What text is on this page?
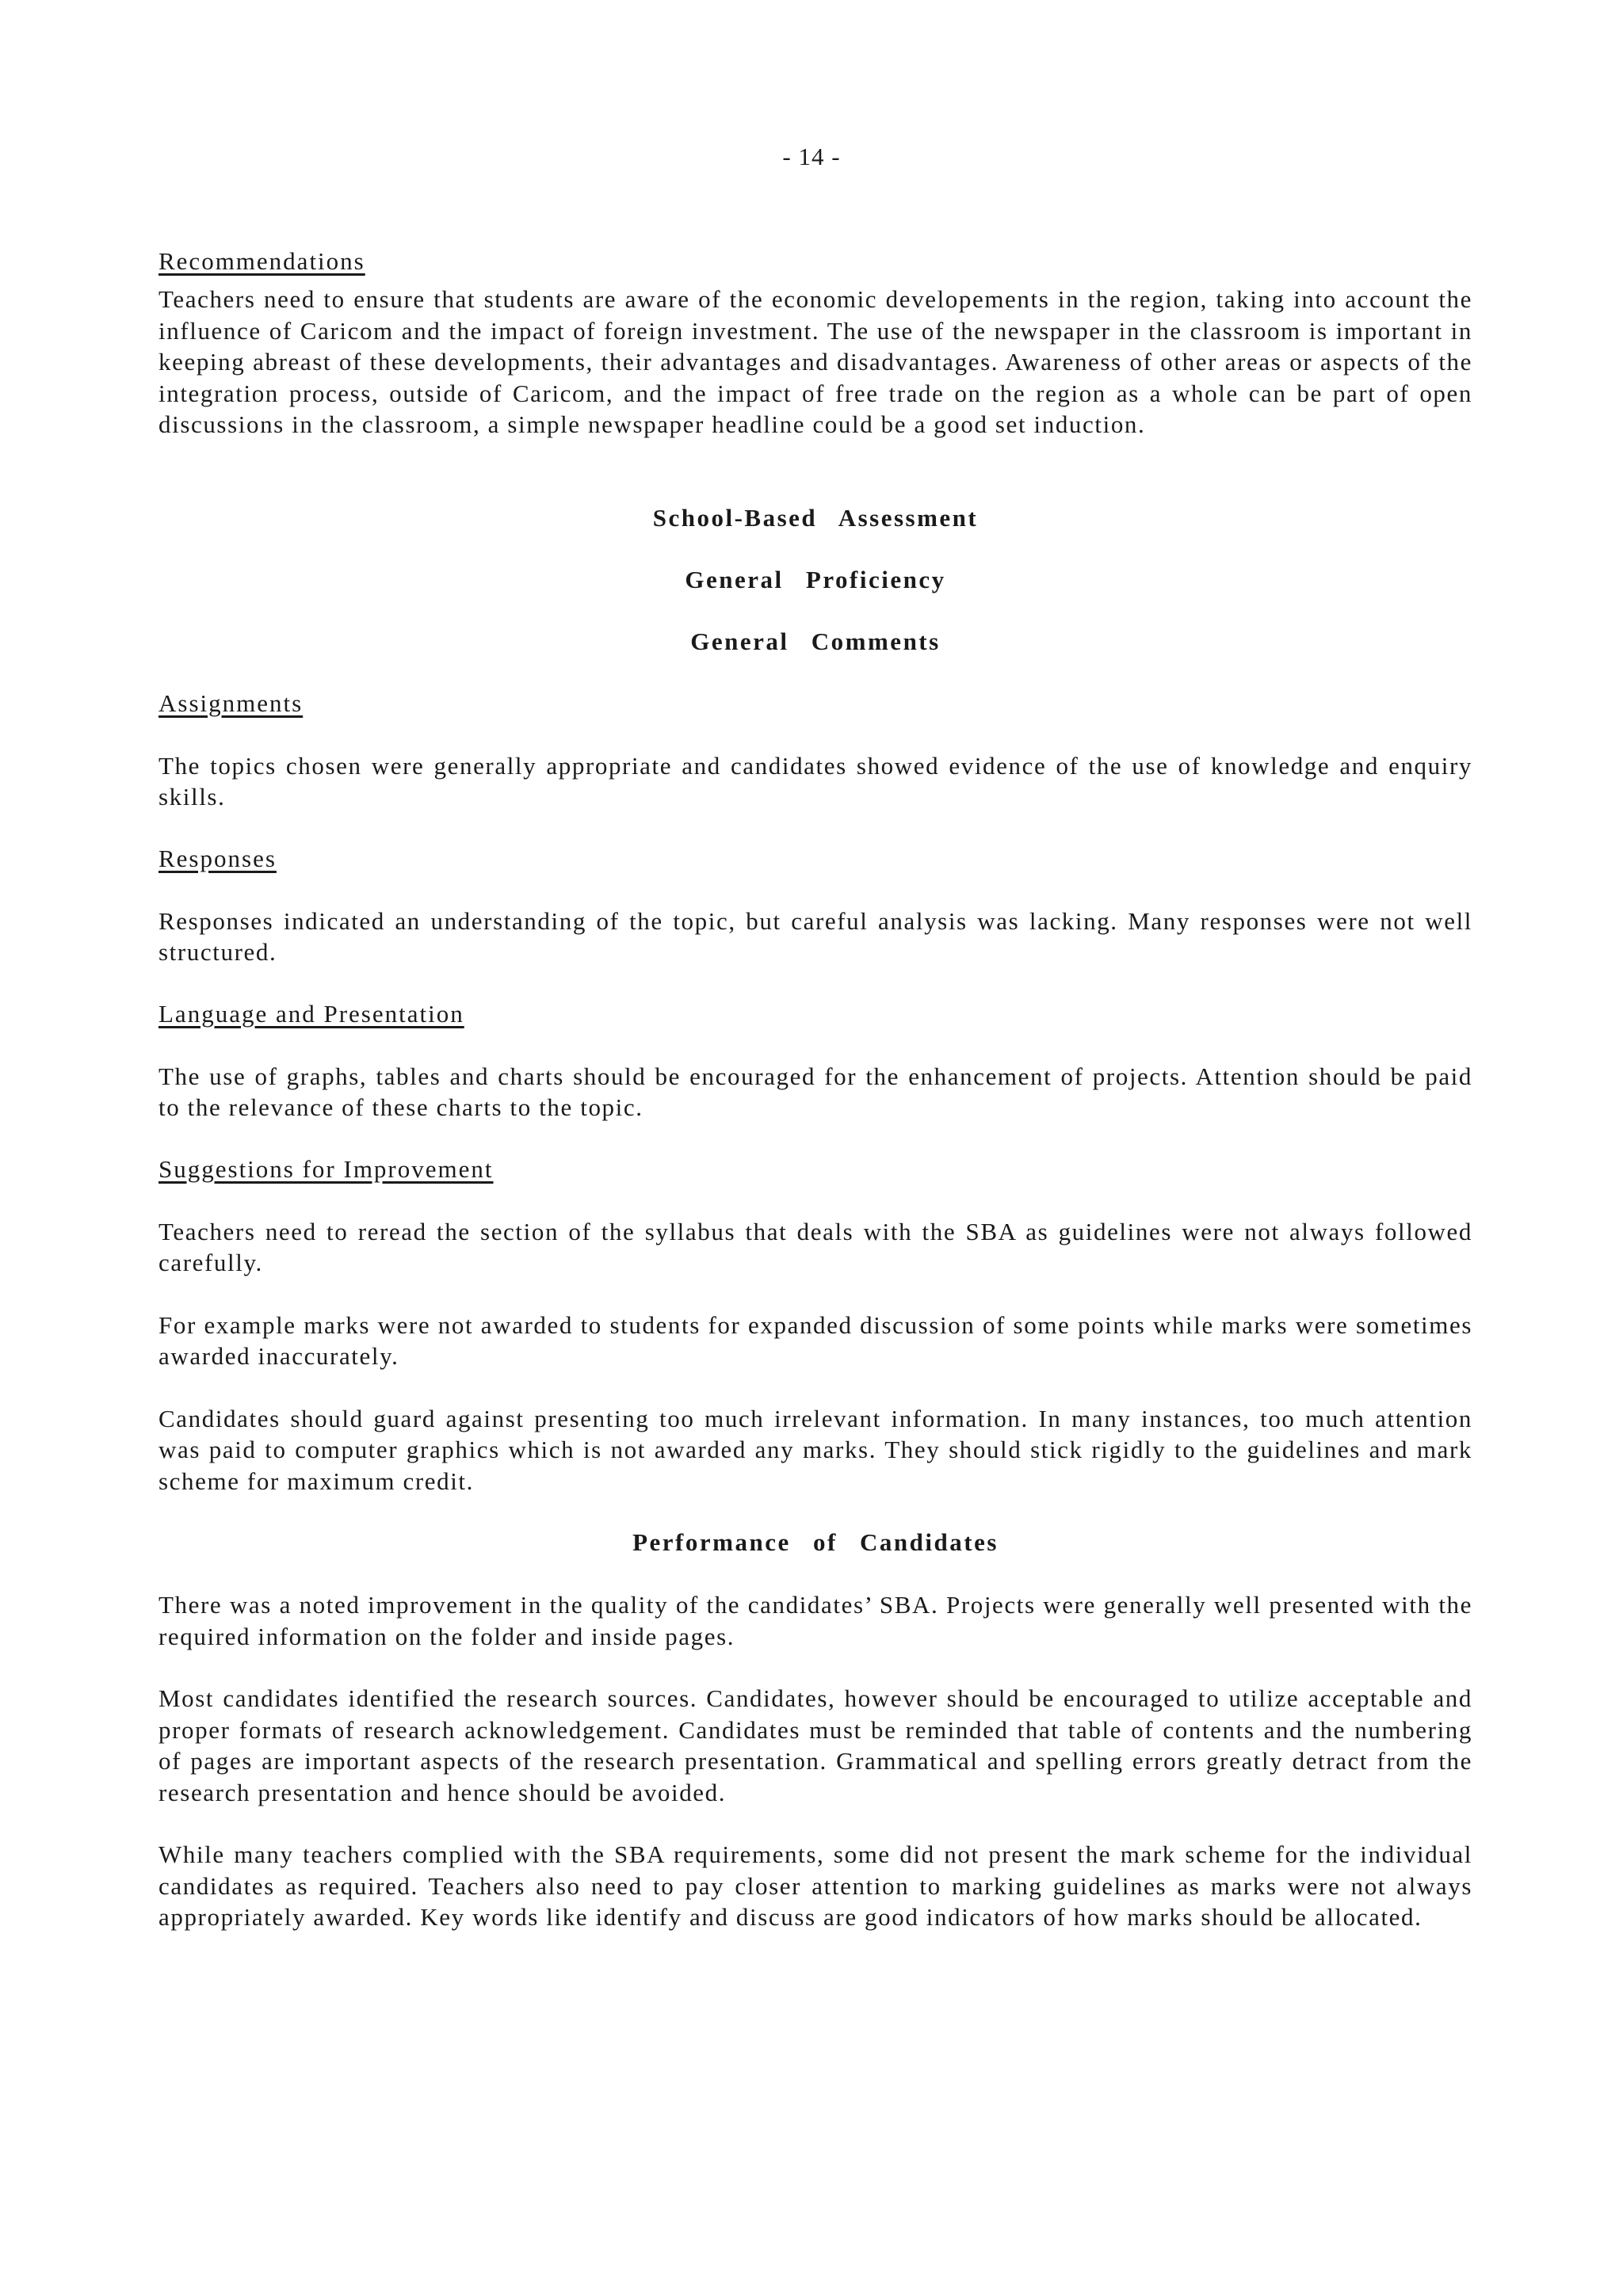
- 14 -

Recommendations

Teachers need to ensure that students are aware of the economic developements in the region, taking into account the influence of Caricom and the impact of foreign investment. The use of the newspaper in the classroom is important in keeping abreast of these developments, their advantages and disadvantages. Awareness of other areas or aspects of the integration process, outside of Caricom, and the impact of free trade on the region as a whole can be part of open discussions in the classroom, a simple newspaper headline could be a good set induction.

School-Based Assessment

General Proficiency

General Comments

Assignments

The topics chosen were generally appropriate and candidates showed evidence of the use of knowledge and enquiry skills.

Responses

Responses indicated an understanding of the topic, but careful analysis was lacking. Many responses were not well structured.

Language and Presentation

The use of graphs, tables and charts should be encouraged for the enhancement of projects. Attention should be paid to the relevance of these charts to the topic.

Suggestions for Improvement

Teachers need to reread the section of the syllabus that deals with the SBA as guidelines were not always followed carefully.

For example marks were not awarded to students for expanded discussion of some points while marks were sometimes awarded inaccurately.

Candidates should guard against presenting too much irrelevant information. In many instances, too much attention was paid to computer graphics which is not awarded any marks. They should stick rigidly to the guidelines and mark scheme for maximum credit.

Performance of Candidates

There was a noted improvement in the quality of the candidates’ SBA. Projects were generally well presented with the required information on the folder and inside pages.

Most candidates identified the research sources. Candidates, however should be encouraged to utilize acceptable and proper formats of research acknowledgement. Candidates must be reminded that table of contents and the numbering of pages are important aspects of the research presentation. Grammatical and spelling errors greatly detract from the research presentation and hence should be avoided.

While many teachers complied with the SBA requirements, some did not present the mark scheme for the individual candidates as required. Teachers also need to pay closer attention to marking guidelines as marks were not always appropriately awarded. Key words like identify and discuss are good indicators of how marks should be allocated.
